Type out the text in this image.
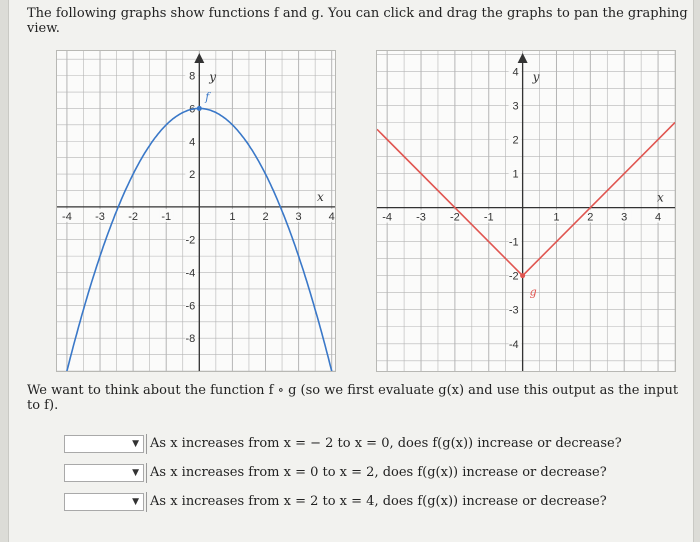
The following graphs show functions f and g. You can click and drag the graphs to pan the graphing view.
y
x
-4 -3 -2 -1	1 2 3 4
8
6
4
2
-2
-4
-6
-8
f
y
x
-4 -3 -2 -1	1	2	3	4
4
3
2
1
-1
-2
-3
-4
g
We want to think about the function f ∘ g (so we first evaluate g(x) and use this output as the input to f).
▼ As x increases from x = − 2 to x = 0, does f(g(x)) increase or decrease?
▼ As x increases from x = 0 to x = 2, does f(g(x)) increase or decrease?
▼ As x increases from x = 2 to x = 4, does f(g(x)) increase or decrease?
